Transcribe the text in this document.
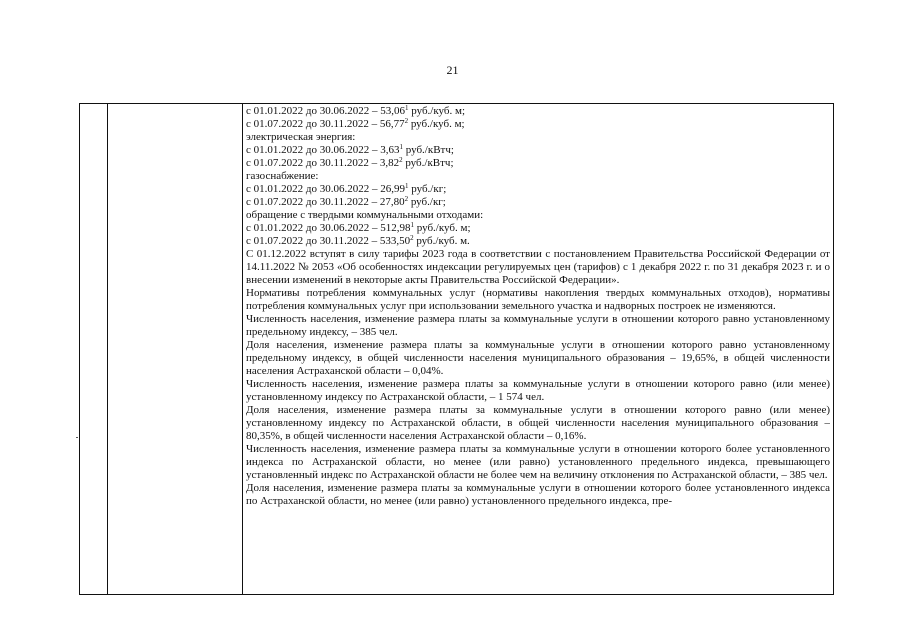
21
с 01.01.2022 до 30.06.2022 – 53,06$^1$ руб./куб. м;
с 01.07.2022 до 30.11.2022 – 56,77$^2$ руб./куб. м;
электрическая энергия:
с 01.01.2022 до 30.06.2022 – 3,63$^1$ руб./кВтч;
с 01.07.2022 до 30.11.2022 – 3,82$^2$ руб./кВтч;
газоснабжение:
с 01.01.2022 до 30.06.2022 – 26,99$^1$ руб./кг;
с 01.07.2022 до 30.11.2022 – 27,80$^2$ руб./кг;
обращение с твердыми коммунальными отходами:
с 01.01.2022 до 30.06.2022 – 512,98$^1$ руб./куб. м;
с 01.07.2022 до 30.11.2022 – 533,50$^2$ руб./куб. м.
С 01.12.2022 вступят в силу тарифы 2023 года в соответствии с постановлением Правительства Российской Федерации от 14.11.2022 № 2053 «Об особенностях индексации регулируемых цен (тарифов) с 1 декабря 2022 г. по 31 декабря 2023 г. и о внесении изменений в некоторые акты Правительства Российской Федерации».
Нормативы потребления коммунальных услуг (нормативы накопления твердых коммунальных отходов), нормативы потребления коммунальных услуг при использовании земельного участка и надворных построек не изменяются.
Численность населения, изменение размера платы за коммунальные услуги в отношении которого равно установленному предельному индексу, – 385 чел.
Доля населения, изменение размера платы за коммунальные услуги в отношении которого равно установленному предельному индексу, в общей численности населения муниципального образования – 19,65%, в общей численности населения Астраханской области – 0,04%.
Численность населения, изменение размера платы за коммунальные услуги в отношении которого равно (или менее) установленному индексу по Астраханской области, – 1 574 чел.
Доля населения, изменение размера платы за коммунальные услуги в отношении которого равно (или менее) установленному индексу по Астраханской области, в общей численности населения муниципального образования – 80,35%, в общей численности населения Астраханской области – 0,16%.
Численность населения, изменение размера платы за коммунальные услуги в отношении которого более установленного индекса по Астраханской области, но менее (или равно) установленного предельного индекса, превышающего установленный индекс по Астраханской области не более чем на величину отклонения по Астраханской области, – 385 чел.
Доля населения, изменение размера платы за коммунальные услуги в отношении которого более установленного индекса по Астраханской области, но менее (или равно) установленного предельного индекса, пре-
